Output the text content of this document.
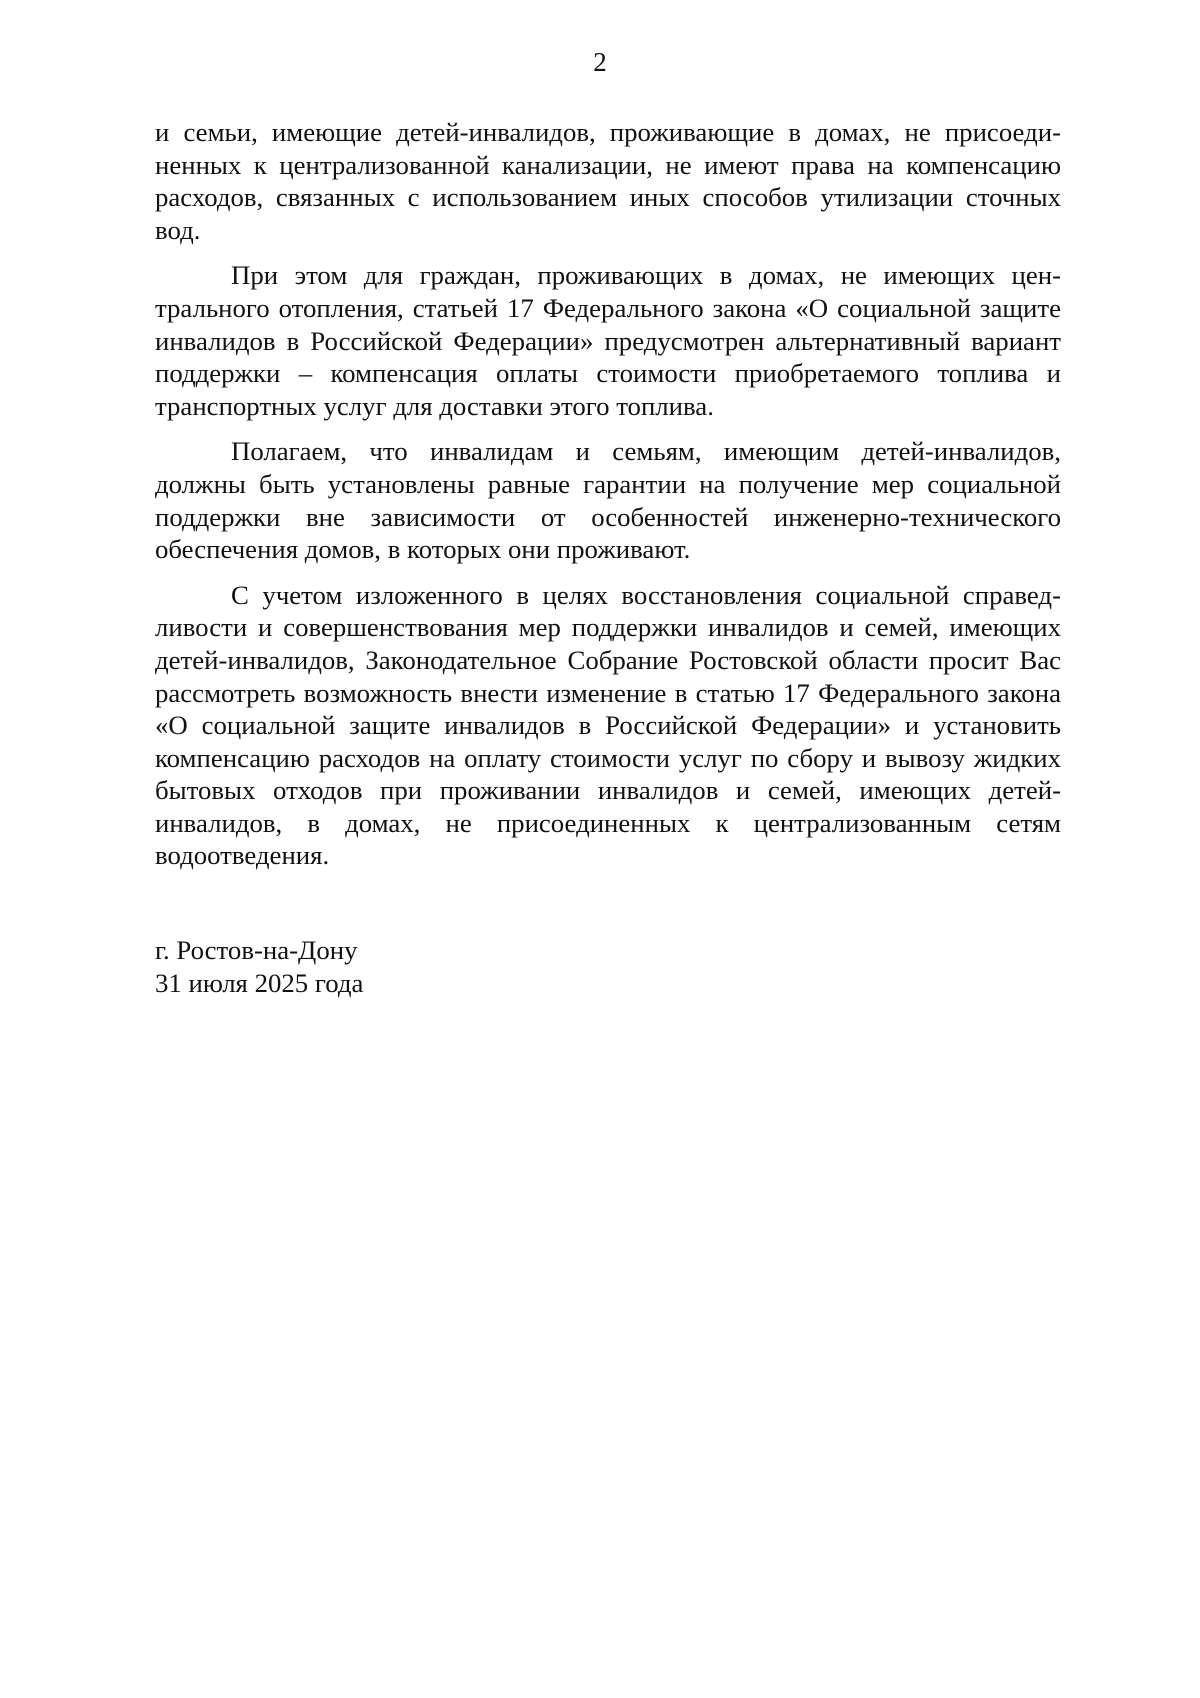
2

и семьи, имеющие детей-инвалидов, проживающие в домах, не присоединенных к централизованной канализации, не имеют права на компенсацию расходов, связанных с использованием иных способов утилизации сточных вод.

При этом для граждан, проживающих в домах, не имеющих центрального отопления, статьей 17 Федерального закона «О социальной защите инвалидов в Российской Федерации» предусмотрен альтернативный вариант поддержки – компенсация оплаты стоимости приобретаемого топлива и транспортных услуг для доставки этого топлива.

Полагаем, что инвалидам и семьям, имеющим детей-инвалидов, должны быть установлены равные гарантии на получение мер социальной поддержки вне зависимости от особенностей инженерно-технического обеспечения домов, в которых они проживают.

С учетом изложенного в целях восстановления социальной справедливости и совершенствования мер поддержки инвалидов и семей, имеющих детей-инвалидов, Законодательное Собрание Ростовской области просит Вас рассмотреть возможность внести изменение в статью 17 Федерального закона «О социальной защите инвалидов в Российской Федерации» и установить компенсацию расходов на оплату стоимости услуг по сбору и вывозу жидких бытовых отходов при проживании инвалидов и семей, имеющих детей-инвалидов, в домах, не присоединенных к централизованным сетям водоотведения.

г. Ростов-на-Дону
31 июля 2025 года
